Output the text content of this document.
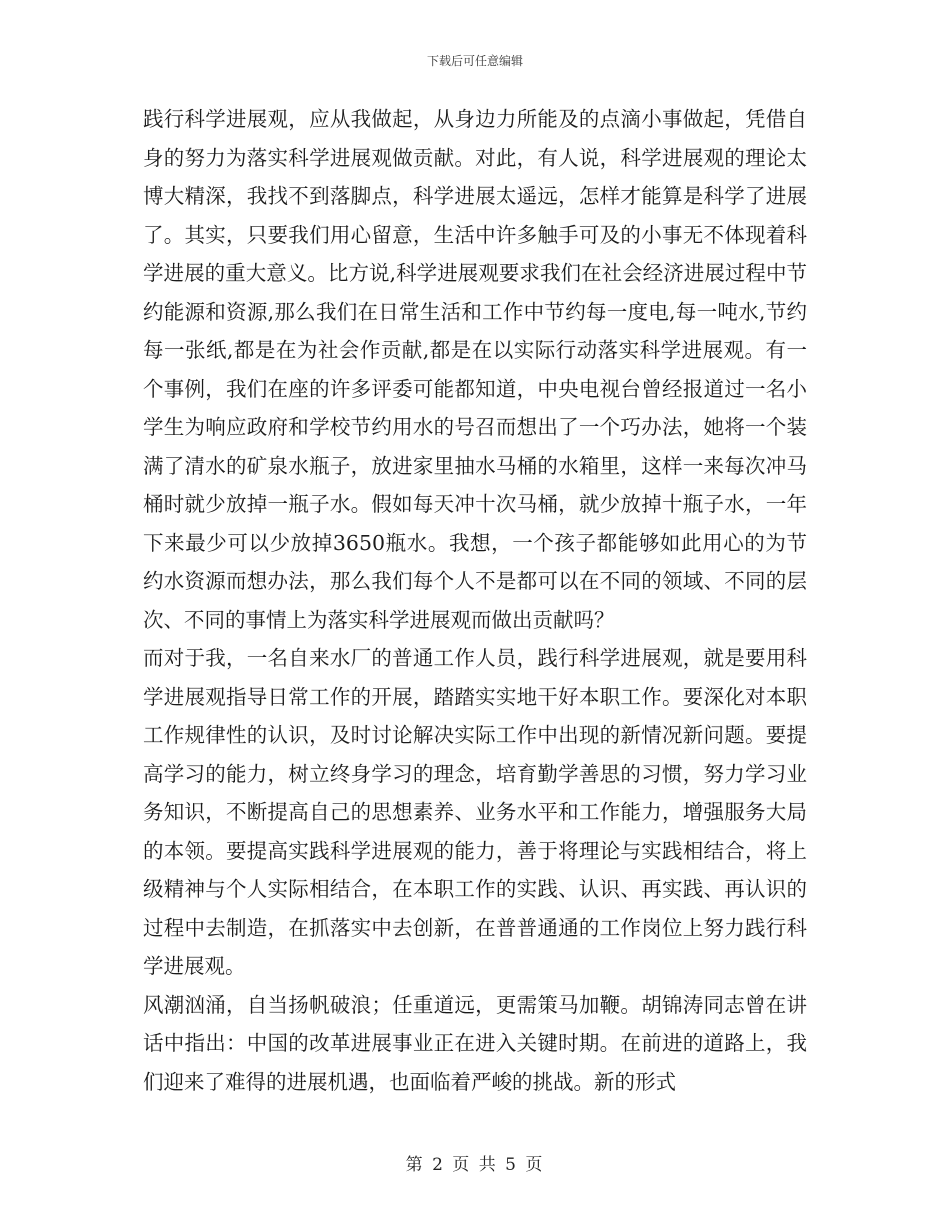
下载后可任意编辑

践行科学进展观，应从我做起，从身边力所能及的点滴小事做起，凭借自身的努力为落实科学进展观做贡献。对此，有人说，科学进展观的理论太博大精深，我找不到落脚点，科学进展太遥远，怎样才能算是科学了进展了。其实，只要我们用心留意，生活中许多触手可及的小事无不体现着科学进展的重大意义。比方说,科学进展观要求我们在社会经济进展过程中节约能源和资源,那么我们在日常生活和工作中节约每一度电,每一吨水,节约每一张纸,都是在为社会作贡献,都是在以实际行动落实科学进展观。有一个事例，我们在座的许多评委可能都知道，中央电视台曾经报道过一名小学生为响应政府和学校节约用水的号召而想出了一个巧办法，她将一个装满了清水的矿泉水瓶子，放进家里抽水马桶的水箱里，这样一来每次冲马桶时就少放掉一瓶子水。假如每天冲十次马桶，就少放掉十瓶子水，一年下来最少可以少放掉3650瓶水。我想，一个孩子都能够如此用心的为节约水资源而想办法，那么我们每个人不是都可以在不同的领域、不同的层次、不同的事情上为落实科学进展观而做出贡献吗？

而对于我，一名自来水厂的普通工作人员，践行科学进展观，就是要用科学进展观指导日常工作的开展，踏踏实实地干好本职工作。要深化对本职工作规律性的认识，及时讨论解决实际工作中出现的新情况新问题。要提高学习的能力，树立终身学习的理念，培育勤学善思的习惯，努力学习业务知识，不断提高自己的思想素养、业务水平和工作能力，增强服务大局的本领。要提高实践科学进展观的能力，善于将理论与实践相结合，将上级精神与个人实际相结合，在本职工作的实践、认识、再实践、再认识的过程中去制造，在抓落实中去创新，在普普通通的工作岗位上努力践行科学进展观。

风潮汹涌，自当扬帆破浪；任重道远，更需策马加鞭。胡锦涛同志曾在讲话中指出：中国的改革进展事业正在进入关键时期。在前进的道路上，我们迎来了难得的进展机遇，也面临着严峻的挑战。新的形式

第 2 页 共 5 页
